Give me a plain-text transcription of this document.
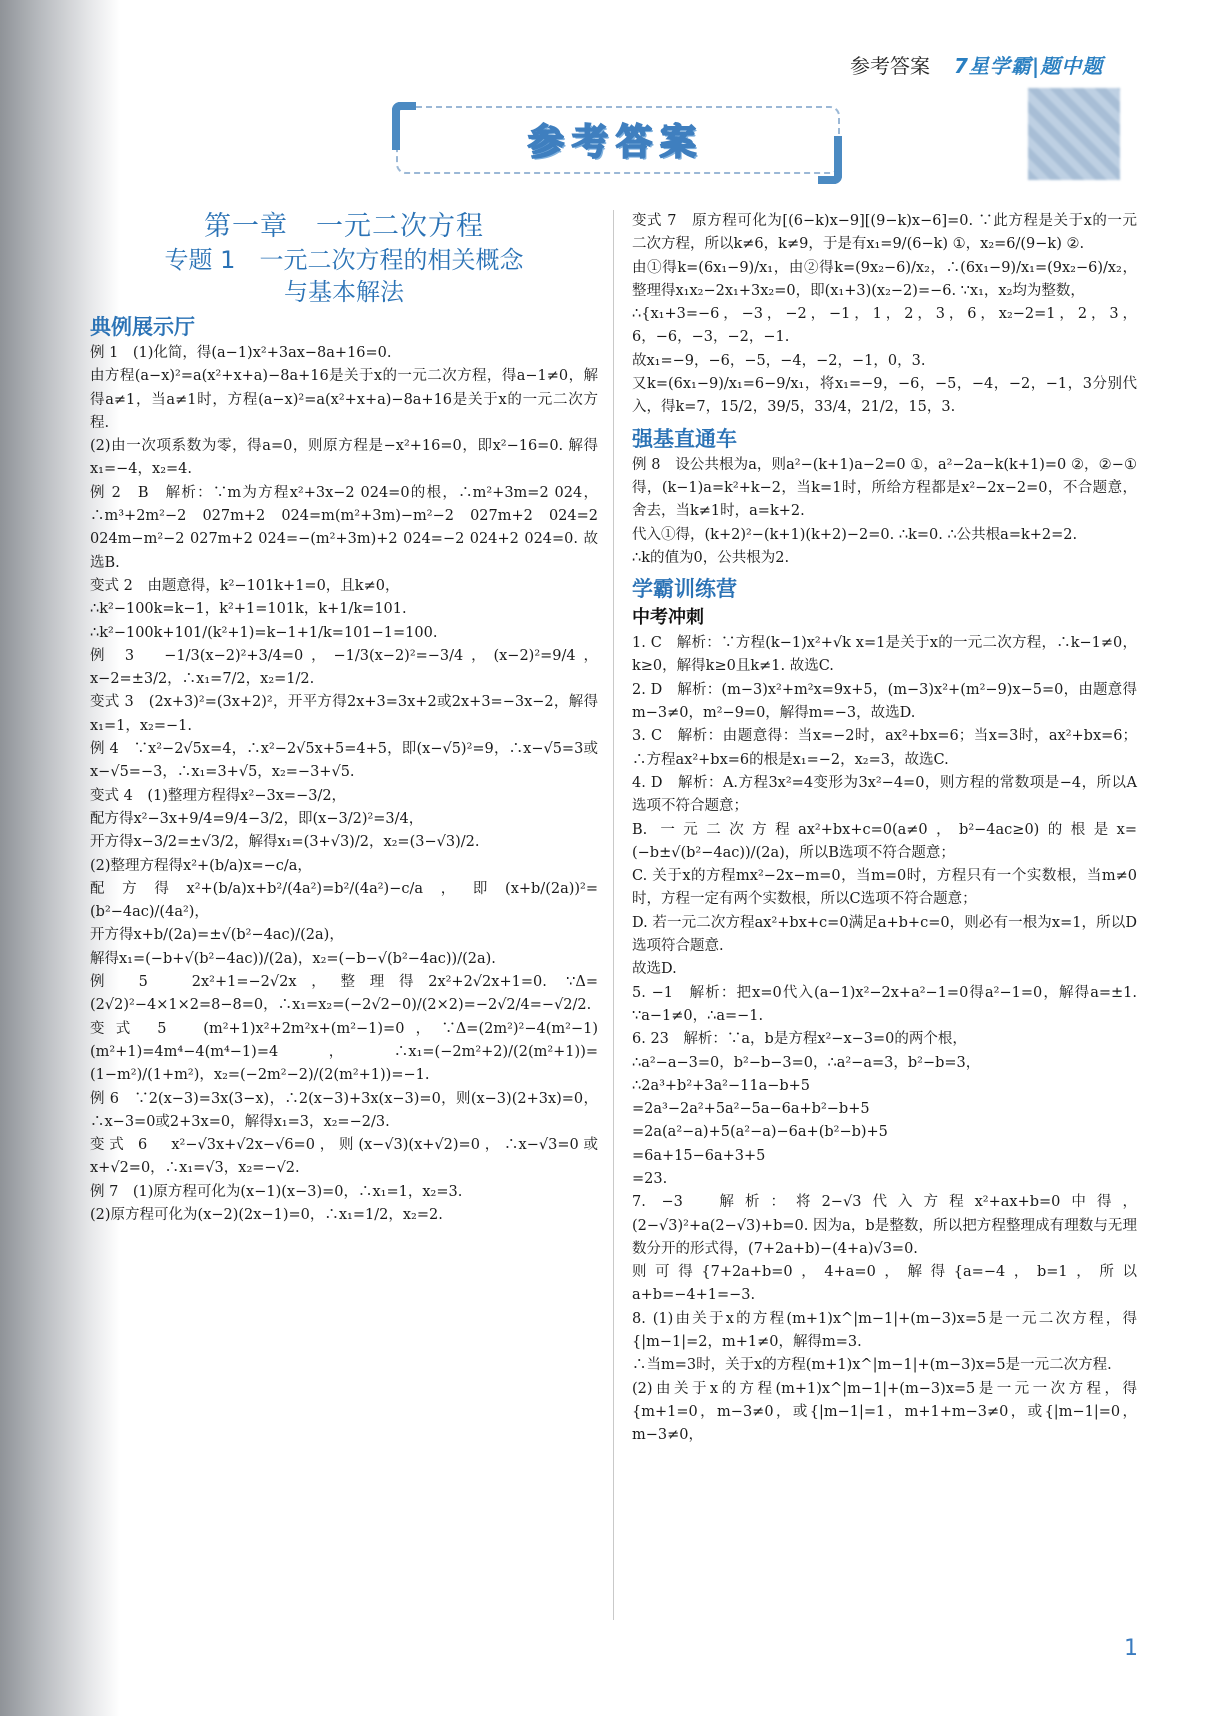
参考答案 7星学霸|题中题
参考答案
第一章　一元二次方程
专题 1　一元二次方程的相关概念
与基本解法
典例展示厅

例 1　(1)化简，得(a−1)x²+3ax−8a+16=0.

由方程(a−x)²=a(x²+x+a)−8a+16是关于x的一元二次方程，得a−1≠0，解得a≠1，当a≠1时，方程(a−x)²=a(x²+x+a)−8a+16是关于x的一元二次方程.

(2)由一次项系数为零，得a=0，则原方程是−x²+16=0，即x²−16=0. 解得x₁=−4，x₂=4.

例 2　B　解析：∵m为方程x²+3x−2 024=0的根，∴m²+3m=2 024，∴m³+2m²−2 027m+2 024=m(m²+3m)−m²−2 027m+2 024=2 024m−m²−2 027m+2 024=−(m²+3m)+2 024=−2 024+2 024=0. 故选B.

变式 2　由题意得，k²−101k+1=0，且k≠0，

∴k²−100k=k−1，k²+1=101k，k+1/k=101.

∴k²−100k+101/(k²+1)=k−1+1/k=101−1=100.

例 3　−1/3(x−2)²+3/4=0，−1/3(x−2)²=−3/4，(x−2)²=9/4，x−2=±3/2，∴x₁=7/2，x₂=1/2.

变式 3　(2x+3)²=(3x+2)²，开平方得2x+3=3x+2或2x+3=−3x−2，解得x₁=1，x₂=−1.

例 4　∵x²−2√5x=4，∴x²−2√5x+5=4+5，即(x−√5)²=9，∴x−√5=3或x−√5=−3，∴x₁=3+√5，x₂=−3+√5.

变式 4　(1)整理方程得x²−3x=−3/2，

配方得x²−3x+9/4=9/4−3/2，即(x−3/2)²=3/4，

开方得x−3/2=±√3/2，解得x₁=(3+√3)/2，x₂=(3−√3)/2.

(2)整理方程得x²+(b/a)x=−c/a，

配方得x²+(b/a)x+b²/(4a²)=b²/(4a²)−c/a，即(x+b/(2a))²=(b²−4ac)/(4a²)，

开方得x+b/(2a)=±√(b²−4ac)/(2a)，

解得x₁=(−b+√(b²−4ac))/(2a)，x₂=(−b−√(b²−4ac))/(2a).

例 5　2x²+1=−2√2x，整理得2x²+2√2x+1=0. ∵Δ=(2√2)²−4×1×2=8−8=0，∴x₁=x₂=(−2√2−0)/(2×2)=−2√2/4=−√2/2.

变式 5　(m²+1)x²+2m²x+(m²−1)=0，∵Δ=(2m²)²−4(m²−1)(m²+1)=4m⁴−4(m⁴−1)=4，∴x₁=(−2m²+2)/(2(m²+1))=(1−m²)/(1+m²)，x₂=(−2m²−2)/(2(m²+1))=−1.

例 6　∵2(x−3)=3x(3−x)，∴2(x−3)+3x(x−3)=0，则(x−3)(2+3x)=0，∴x−3=0或2+3x=0，解得x₁=3，x₂=−2/3.

变式 6　x²−√3x+√2x−√6=0，则(x−√3)(x+√2)=0，∴x−√3=0或x+√2=0，∴x₁=√3，x₂=−√2.

例 7　(1)原方程可化为(x−1)(x−3)=0，∴x₁=1，x₂=3.

(2)原方程可化为(x−2)(2x−1)=0，∴x₁=1/2，x₂=2.

变式 7　原方程可化为[(6−k)x−9][(9−k)x−6]=0. ∵此方程是关于x的一元二次方程，所以k≠6，k≠9，于是有x₁=9/(6−k) ①，x₂=6/(9−k) ②.

由①得k=(6x₁−9)/x₁，由②得k=(9x₂−6)/x₂，∴(6x₁−9)/x₁=(9x₂−6)/x₂，整理得x₁x₂−2x₁+3x₂=0，即(x₁+3)(x₂−2)=−6. ∵x₁，x₂均为整数，

∴{x₁+3=−6，−3，−2，−1，1，2，3，6，x₂−2=1，2，3，6，−6，−3，−2，−1.

故x₁=−9，−6，−5，−4，−2，−1，0，3.

又k=(6x₁−9)/x₁=6−9/x₁，将x₁=−9，−6，−5，−4，−2，−1，3分别代入，得k=7，15/2，39/5，33/4，21/2，15，3.

强基直通车

例 8　设公共根为a，则a²−(k+1)a−2=0 ①，a²−2a−k(k+1)=0 ②，②−①得，(k−1)a=k²+k−2，当k=1时，所给方程都是x²−2x−2=0，不合题意，舍去，当k≠1时，a=k+2.

代入①得，(k+2)²−(k+1)(k+2)−2=0. ∴k=0. ∴公共根a=k+2=2.

∴k的值为0，公共根为2.

学霸训练营
中考冲刺

1. C　解析：∵方程(k−1)x²+√k x=1是关于x的一元二次方程，∴k−1≠0，k≥0，解得k≥0且k≠1. 故选C.

2. D　解析：(m−3)x²+m²x=9x+5，(m−3)x²+(m²−9)x−5=0，由题意得m−3≠0，m²−9=0，解得m=−3，故选D.

3. C　解析：由题意得：当x=−2时，ax²+bx=6；当x=3时，ax²+bx=6；∴方程ax²+bx=6的根是x₁=−2，x₂=3，故选C.

4. D　解析：A.方程3x²=4变形为3x²−4=0，则方程的常数项是−4，所以A选项不符合题意；

B. 一元二次方程ax²+bx+c=0(a≠0，b²−4ac≥0)的根是x=(−b±√(b²−4ac))/(2a)，所以B选项不符合题意；

C. 关于x的方程mx²−2x−m=0，当m=0时，方程只有一个实数根，当m≠0时，方程一定有两个实数根，所以C选项不符合题意；

D. 若一元二次方程ax²+bx+c=0满足a+b+c=0，则必有一根为x=1，所以D选项符合题意.

故选D.

5. −1　解析：把x=0代入(a−1)x²−2x+a²−1=0得a²−1=0，解得a=±1. ∵a−1≠0，∴a=−1.

6. 23　解析：∵a，b是方程x²−x−3=0的两个根，

∴a²−a−3=0，b²−b−3=0，∴a²−a=3，b²−b=3，

∴2a³+b²+3a²−11a−b+5

=2a³−2a²+5a²−5a−6a+b²−b+5

=2a(a²−a)+5(a²−a)−6a+(b²−b)+5

=6a+15−6a+3+5

=23.

7. −3　解析：将2−√3代入方程x²+ax+b=0中得，(2−√3)²+a(2−√3)+b=0. 因为a，b是整数，所以把方程整理成有理数与无理数分开的形式得，(7+2a+b)−(4+a)√3=0.

则可得{7+2a+b=0，4+a=0，解得{a=−4，b=1，所以a+b=−4+1=−3.

8. (1)由关于x的方程(m+1)x^|m−1|+(m−3)x=5是一元二次方程，得{|m−1|=2，m+1≠0，解得m=3.

∴当m=3时，关于x的方程(m+1)x^|m−1|+(m−3)x=5是一元二次方程.

(2)由关于x的方程(m+1)x^|m−1|+(m−3)x=5是一元一次方程，得{m+1=0，m−3≠0，或{|m−1|=1，m+1+m−3≠0，或{|m−1|=0，m−3≠0，

1
